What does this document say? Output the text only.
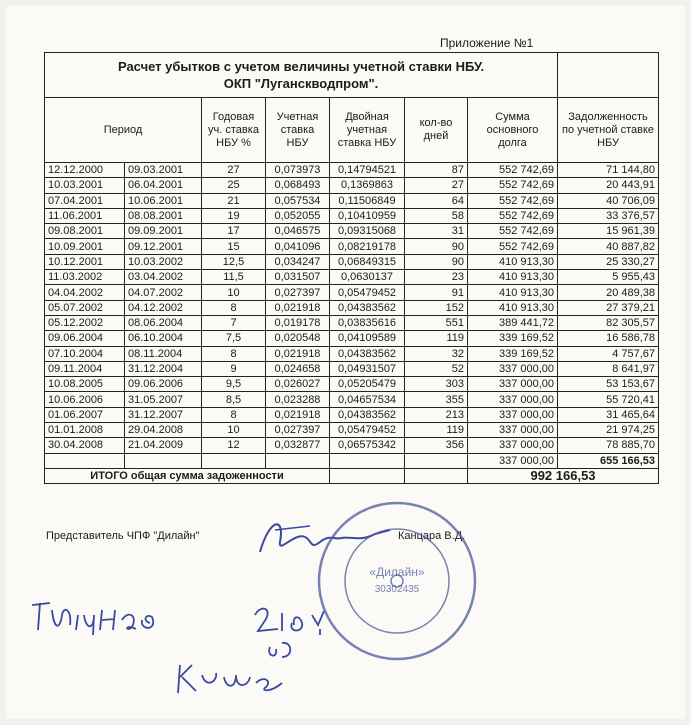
Приложение №1
Расчет убытков с учетом величины учетной ставки НБУ.
ОКП "Луганскводпром".							
Период		Годовая уч. ставка НБУ %	Учетная ставка НБУ	Двойная учетная ставка НБУ	кол-во дней	Сумма основного долга	Задолженность по учетной ставке НБУ
12.12.2000	09.03.2001	27	0,073973	0,14794521	87	552 742,69	71 144,80
10.03.2001	06.04.2001	25	0,068493	0,1369863	27	552 742,69	20 443,91
07.04.2001	10.06.2001	21	0,057534	0,11506849	64	552 742,69	40 706,09
11.06.2001	08.08.2001	19	0,052055	0,10410959	58	552 742,69	33 376,57
09.08.2001	09.09.2001	17	0,046575	0,09315068	31	552 742,69	15 961,39
10.09.2001	09.12.2001	15	0,041096	0,08219178	90	552 742,69	40 887,82
10.12.2001	10.03.2002	12,5	0,034247	0,06849315	90	410 913,30	25 330,27
11.03.2002	03.04.2002	11,5	0,031507	0,0630137	23	410 913,30	5 955,43
04.04.2002	04.07.2002	10	0,027397	0,05479452	91	410 913,30	20 489,38
05.07.2002	04.12.2002	8	0,021918	0,04383562	152	410 913,30	27 379,21
05.12.2002	08.06.2004	7	0,019178	0,03835616	551	389 441,72	82 305,57
09.06.2004	06.10.2004	7,5	0,020548	0,04109589	119	339 169,52	16 586,78
07.10.2004	08.11.2004	8	0,021918	0,04383562	32	339 169,52	4 757,67
09.11.2004	31.12.2004	9	0,024658	0,04931507	52	337 000,00	8 641,97
10.08.2005	09.06.2006	9,5	0,026027	0,05205479	303	337 000,00	53 153,67
10.06.2006	31.05.2007	8,5	0,023288	0,04657534	355	337 000,00	55 720,41
01.06.2007	31.12.2007	8	0,021918	0,04383562	213	337 000,00	31 465,64
01.01.2008	29.04.2008	10	0,027397	0,05479452	119	337 000,00	21 974,25
30.04.2008	21.04.2009	12	0,032877	0,06575342	356	337 000,00	78 885,70
						337 000,00	655 166,53
ИТОГО общая сумма задоженности						992 166,53	
Представитель ЧПФ "Дилайн"	Канцара В.Д.
«Дилайн»
30302435
